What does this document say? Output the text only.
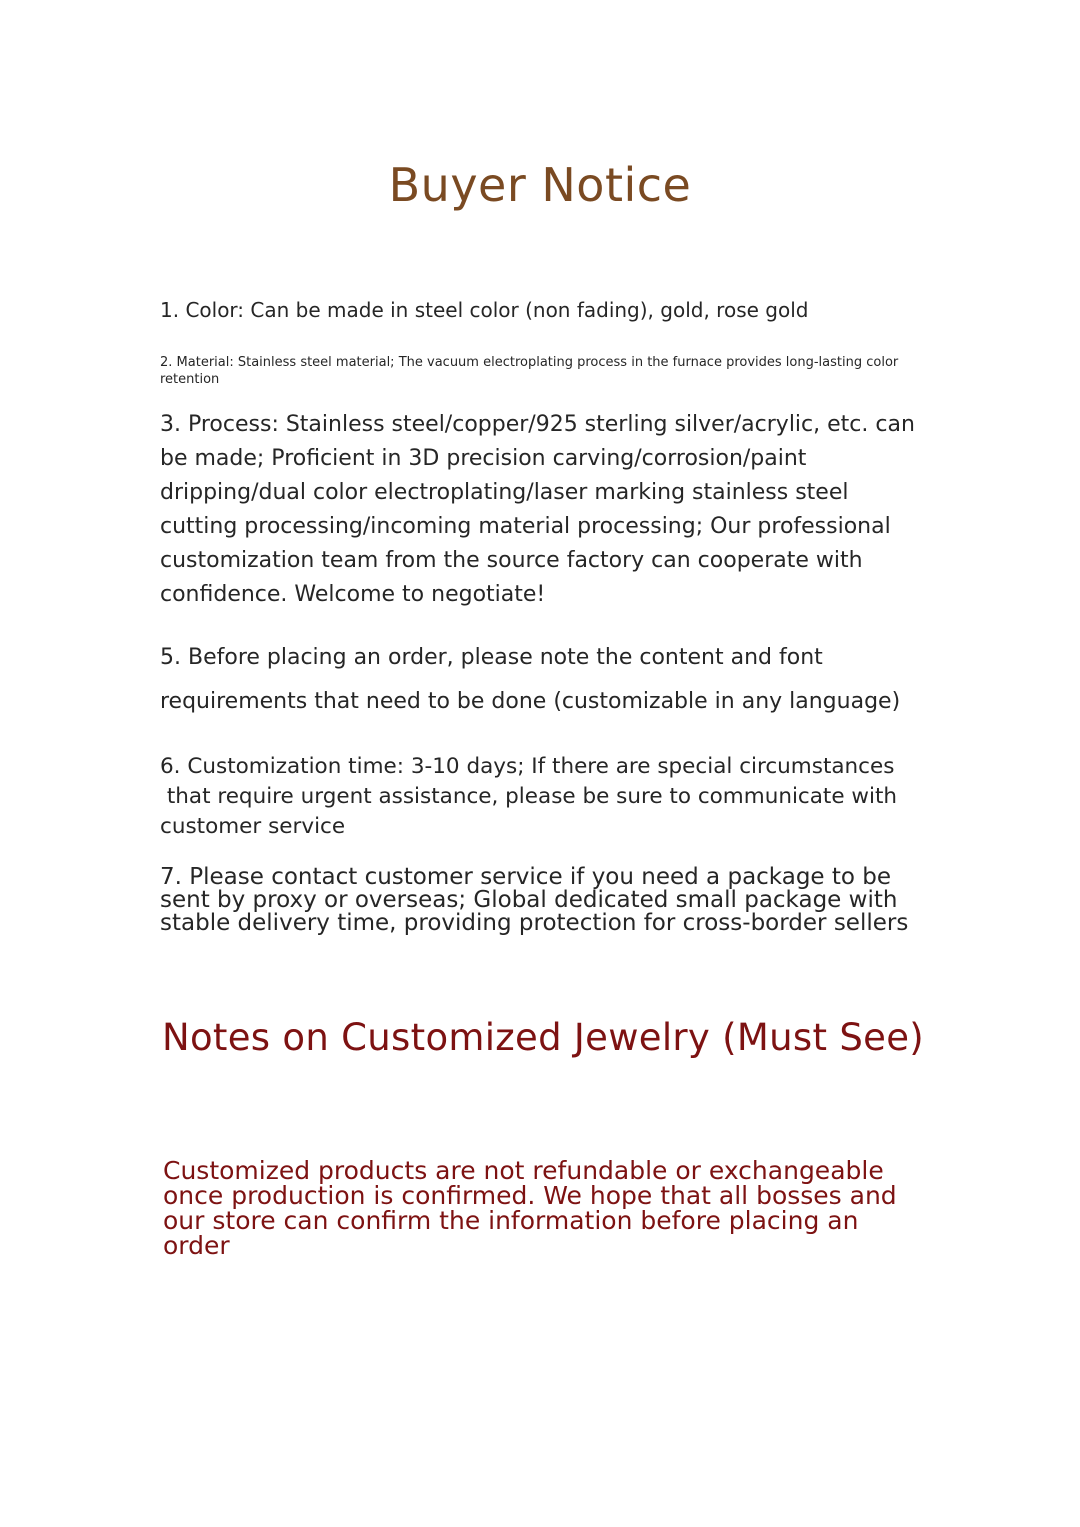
Buyer Notice

1. Color: Can be made in steel color (non fading), gold, rose gold

2. Material: Stainless steel material; The vacuum electroplating process in the furnace provides long-lasting color retention

3. Process: Stainless steel/copper/925 sterling silver/acrylic, etc. can be made; Proficient in 3D precision carving/corrosion/paint dripping/dual color electroplating/laser marking stainless steel cutting processing/incoming material processing; Our professional customization team from the source factory can cooperate with confidence. Welcome to negotiate!

5. Before placing an order, please note the content and font requirements that need to be done (customizable in any language)

6. Customization time: 3-10 days; If there are special circumstances
that require urgent assistance, please be sure to communicate with customer service

7. Please contact customer service if you need a package to be sent by proxy or overseas; Global dedicated small package with stable delivery time, providing protection for cross-border sellers

Notes on Customized Jewelry (Must See)

Customized products are not refundable or exchangeable once production is confirmed. We hope that all bosses and our store can confirm the information before placing an order
